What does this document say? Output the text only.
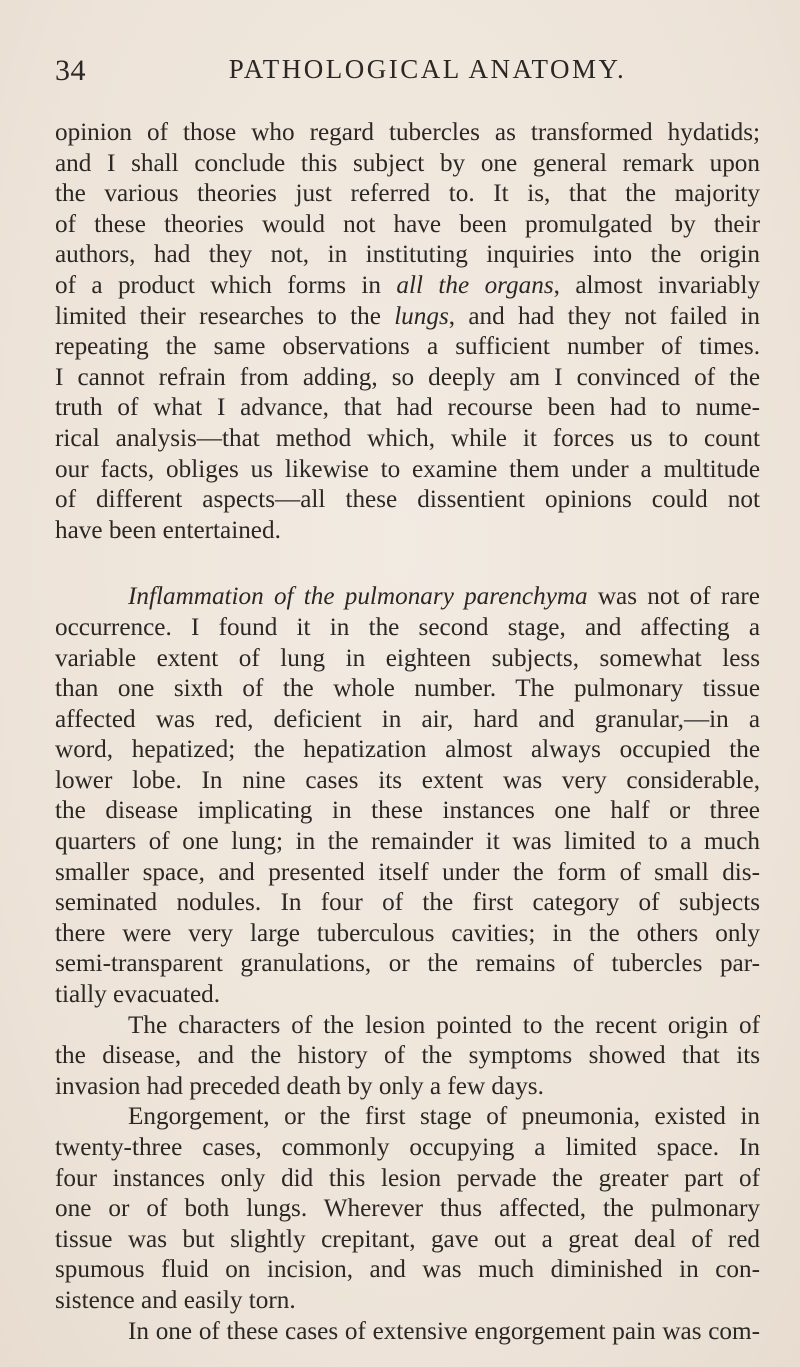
34	PATHOLOGICAL ANATOMY.
opinion of those who regard tubercles as transformed hydatids;
and I shall conclude this subject by one general remark upon
the various theories just referred to. It is, that the majority
of these theories would not have been promulgated by their
authors, had they not, in instituting inquiries into the origin
of a product which forms in all the organs, almost invariably
limited their researches to the lungs, and had they not failed in
repeating the same observations a sufficient number of times.
I cannot refrain from adding, so deeply am I convinced of the
truth of what I advance, that had recourse been had to nume-
rical analysis—that method which, while it forces us to count
our facts, obliges us likewise to examine them under a multitude
of different aspects—all these dissentient opinions could not
have been entertained.
Inflammation of the pulmonary parenchyma was not of rare
occurrence. I found it in the second stage, and affecting a
variable extent of lung in eighteen subjects, somewhat less
than one sixth of the whole number. The pulmonary tissue
affected was red, deficient in air, hard and granular,—in a
word, hepatized; the hepatization almost always occupied the
lower lobe. In nine cases its extent was very considerable,
the disease implicating in these instances one half or three
quarters of one lung; in the remainder it was limited to a much
smaller space, and presented itself under the form of small dis-
seminated nodules. In four of the first category of subjects
there were very large tuberculous cavities; in the others only
semi-transparent granulations, or the remains of tubercles par-
tially evacuated.
The characters of the lesion pointed to the recent origin of
the disease, and the history of the symptoms showed that its
invasion had preceded death by only a few days.
Engorgement, or the first stage of pneumonia, existed in
twenty-three cases, commonly occupying a limited space. In
four instances only did this lesion pervade the greater part of
one or of both lungs. Wherever thus affected, the pulmonary
tissue was but slightly crepitant, gave out a great deal of red
spumous fluid on incision, and was much diminished in con-
sistence and easily torn.
In one of these cases of extensive engorgement pain was com-
